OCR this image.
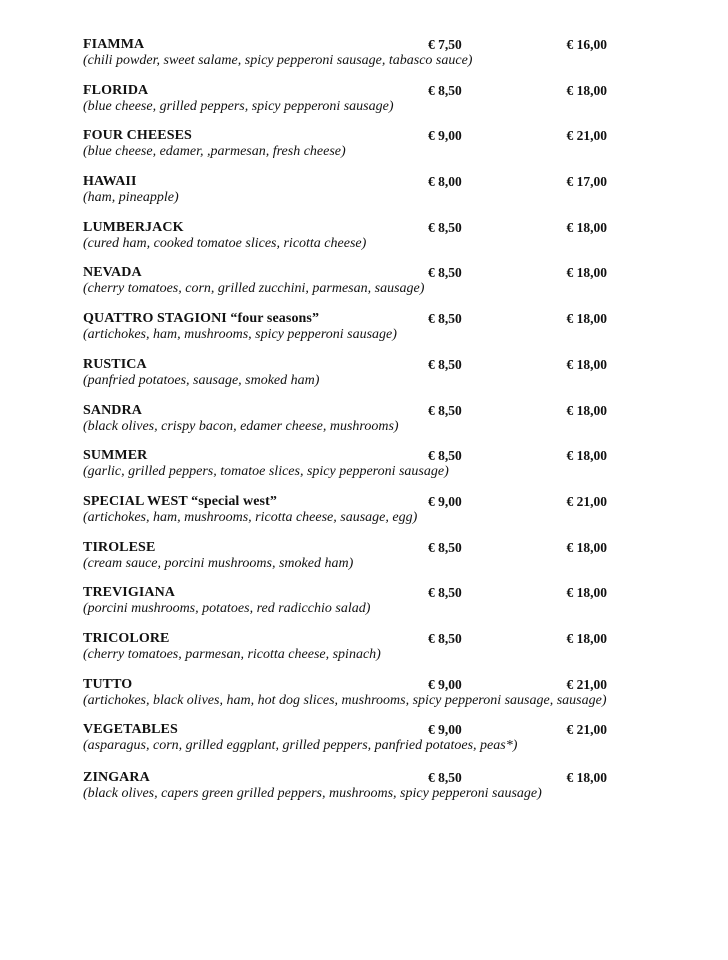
FIAMMA	€ 7,50	€ 16,00
(chili powder, sweet salame, spicy pepperoni sausage, tabasco sauce)
FLORIDA	€ 8,50	€ 18,00
(blue cheese, grilled peppers, spicy pepperoni sausage)
FOUR CHEESES	€ 9,00	€ 21,00
(blue cheese, edamer, ,parmesan, fresh cheese)
HAWAII	€ 8,00	€ 17,00
(ham, pineapple)
LUMBERJACK	€ 8,50	€ 18,00
(cured ham, cooked tomatoe slices, ricotta cheese)
NEVADA	€ 8,50	€ 18,00
(cherry tomatoes, corn, grilled zucchini, parmesan, sausage)
QUATTRO STAGIONI “four seasons”	€ 8,50	€ 18,00
(artichokes, ham, mushrooms, spicy pepperoni sausage)
RUSTICA	€ 8,50	€ 18,00
(panfried potatoes, sausage, smoked ham)
SANDRA	€ 8,50	€ 18,00
(black olives, crispy bacon, edamer cheese, mushrooms)
SUMMER	€ 8,50	€ 18,00
(garlic, grilled peppers, tomatoe slices, spicy pepperoni sausage)
SPECIAL WEST “special west”	€ 9,00	€ 21,00
(artichokes, ham, mushrooms, ricotta cheese, sausage, egg)
TIROLESE	€ 8,50	€ 18,00
(cream sauce, porcini mushrooms, smoked ham)
TREVIGIANA	€ 8,50	€ 18,00
(porcini mushrooms, potatoes, red radicchio salad)
TRICOLORE	€ 8,50	€ 18,00
(cherry tomatoes, parmesan, ricotta cheese, spinach)
TUTTO	€ 9,00	€ 21,00
(artichokes, black olives, ham, hot dog slices, mushrooms, spicy pepperoni sausage, sausage)
VEGETABLES	€ 9,00	€ 21,00
(asparagus, corn, grilled eggplant, grilled peppers, panfried potatoes, peas*)
ZINGARA	€ 8,50	€ 18,00
(black olives, capers green grilled peppers, mushrooms, spicy pepperoni sausage)
